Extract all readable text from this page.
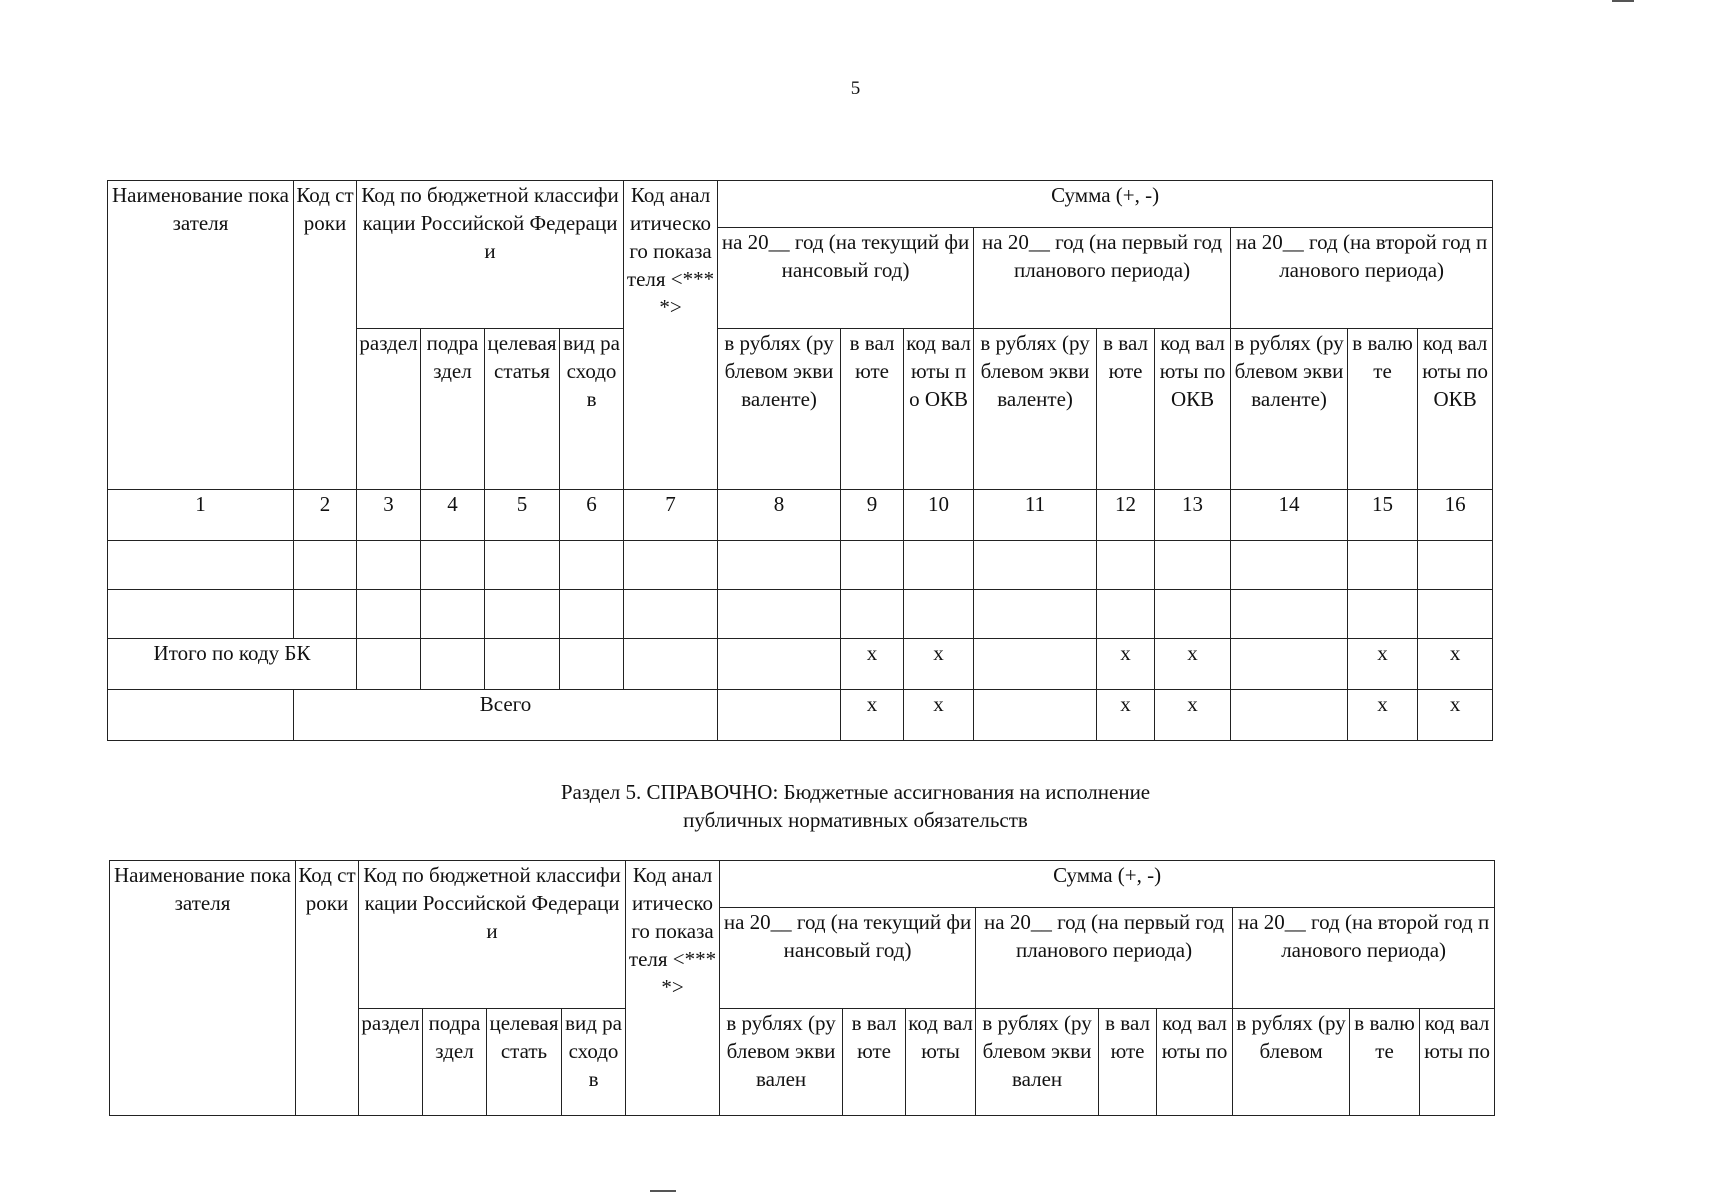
5
Наименование показателя	Код строки	Код по бюджетной классификации Российской Федерации				Код аналитического показателя <****>	Сумма (+, -)								
							на 20__ год (на текущий финансовый год)			на 20__ год (на первый год планового периода)			на 20__ год (на второй год планового периода)		
		раздел	подраздел	целевая статья	вид расходов		в рублях (рублевом эквиваленте)	в валюте	код валюты по ОКВ	в рублях (рублевом эквиваленте)	в валюте	код валюты по ОКВ	в рублях (рублевом эквиваленте)	в валюте	код валюты по ОКВ
1	2	3	4	5	6	7	8	9	10	11	12	13	14	15	16

Итого по коду БК								x	x		x	x		x	x
	Всего							x	x		x	x		x	x
Раздел 5. СПРАВОЧНО: Бюджетные ассигнования на исполнение
публичных нормативных обязательств
Наименование показателя	Код строки	Код по бюджетной классификации Российской Федерации				Код аналитического показателя <****>	Сумма (+, -)								
							на 20__ год (на текущий финансовый год)			на 20__ год (на первый год планового периода)			на 20__ год (на второй год планового периода)		
		раздел	подраздел	целевая стать	вид расходов		в рублях (рублевом эквивален	в валюте	код валюты	в рублях (рублевом эквивален	в валюте	код валюты по	в рублях (рублевом	в валюте	код валюты по
